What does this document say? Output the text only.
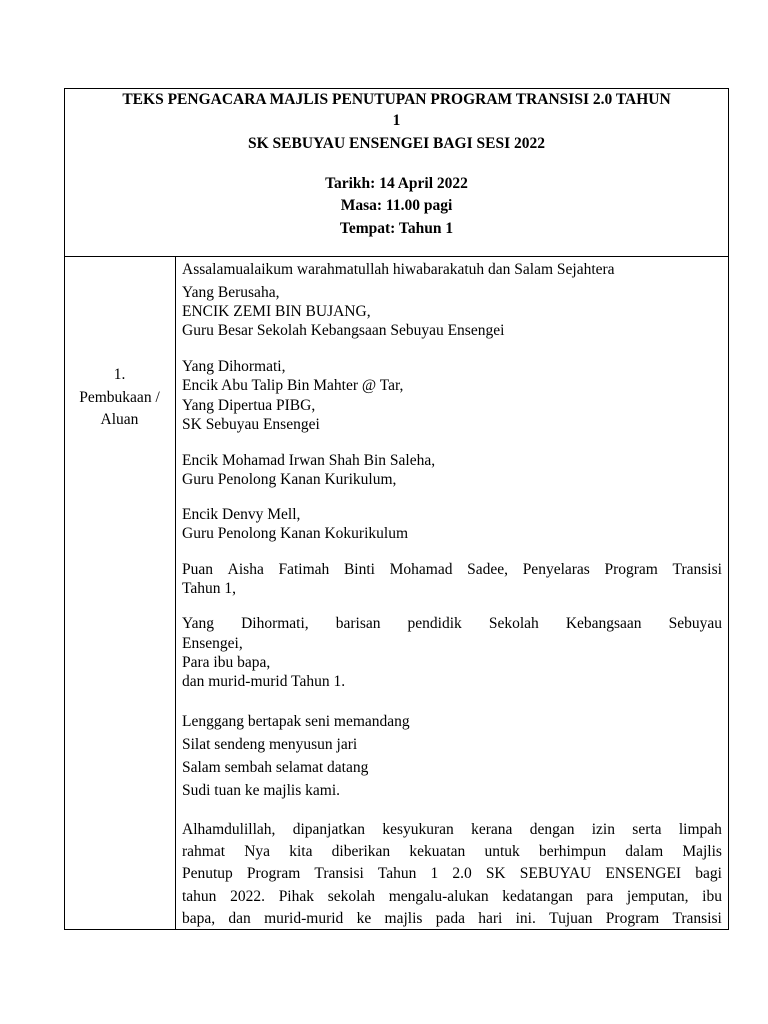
TEKS PENGACARA MAJLIS PENUTUPAN PROGRAM TRANSISI 2.0 TAHUN
1
SK SEBUYAU ENSENGEI BAGI SESI 2022
Tarikh: 14 April 2022
Masa: 11.00 pagi
Tempat: Tahun 1
1.
Pembukaan /
Aluan
Assalamualaikum warahmatullah hiwabarakatuh dan Salam Sejahtera
Yang Berusaha,
ENCIK ZEMI BIN BUJANG,
Guru Besar Sekolah Kebangsaan Sebuyau Ensengei
Yang Dihormati,
Encik Abu Talip Bin Mahter @ Tar,
Yang Dipertua PIBG,
SK Sebuyau Ensengei
Encik Mohamad Irwan Shah Bin Saleha,
Guru Penolong Kanan Kurikulum,
Encik Denvy Mell,
Guru Penolong Kanan Kokurikulum
Puan Aisha Fatimah Binti Mohamad Sadee, Penyelaras Program Transisi
Tahun 1,
Yang Dihormati, barisan pendidik Sekolah Kebangsaan Sebuyau
Ensengei,
Para ibu bapa,
dan murid-murid Tahun 1.
Lenggang bertapak seni memandang
Silat sendeng menyusun jari
Salam sembah selamat datang
Sudi tuan ke majlis kami.
Alhamdulillah, dipanjatkan kesyukuran kerana dengan izin serta limpah
rahmat Nya kita diberikan kekuatan untuk berhimpun dalam Majlis
Penutup Program Transisi Tahun 1 2.0 SK SEBUYAU ENSENGEI bagi
tahun 2022. Pihak sekolah mengalu-alukan kedatangan para jemputan, ibu
bapa, dan murid-murid ke majlis pada hari ini. Tujuan Program Transisi
